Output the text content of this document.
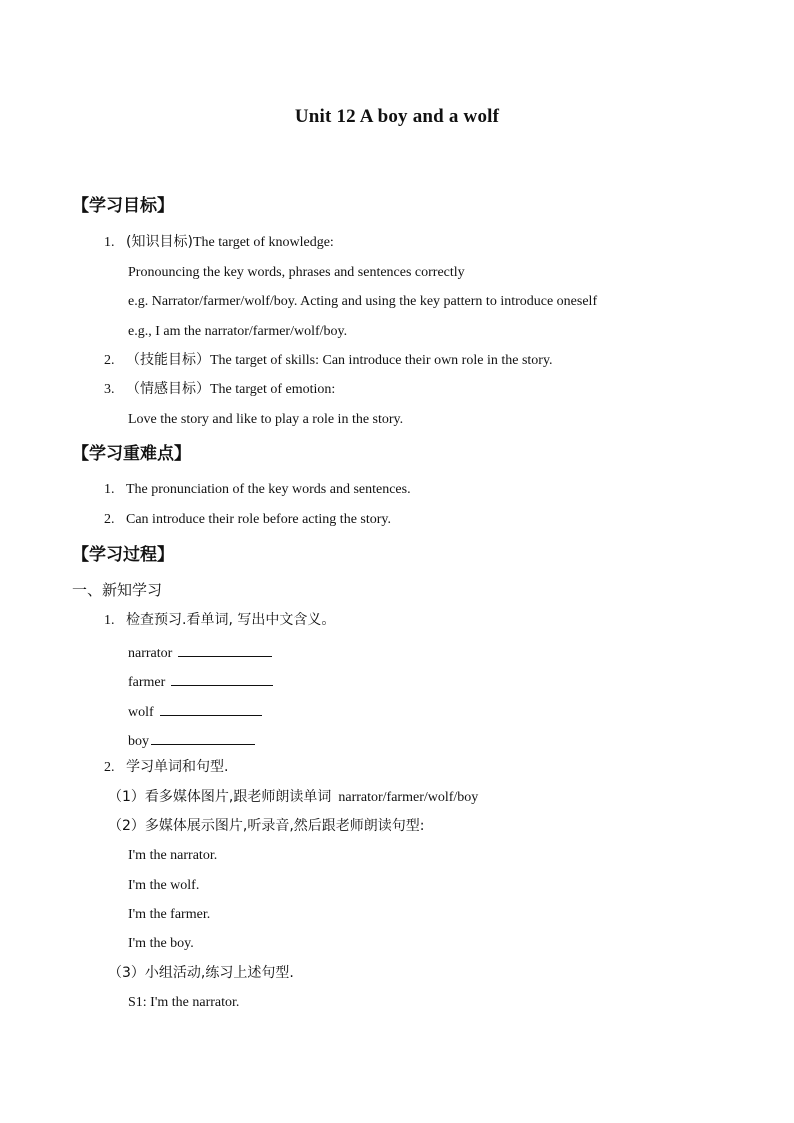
Unit 12 A boy and a wolf
【学习目标】
1. (知识目标)The target of knowledge:
Pronouncing the key words, phrases and sentences correctly
e.g. Narrator/farmer/wolf/boy. Acting and using the key pattern to introduce oneself
e.g., I am the narrator/farmer/wolf/boy.
2. （技能目标）The target of skills: Can introduce their own role in the story.
3. （情感目标）The target of emotion:
Love the story and like to play a role in the story.
【学习重难点】
1. The pronunciation of the key words and sentences.
2. Can introduce their role before acting the story.
【学习过程】
一、新知学习
1. 检查预习.看单词, 写出中文含义。
narrator
farmer
wolf
boy
2. 学习单词和句型.
（1）看多媒体图片,跟老师朗读单词 narrator/farmer/wolf/boy
（2）多媒体展示图片,听录音,然后跟老师朗读句型:
I'm the narrator.
I'm the wolf.
I'm the farmer.
I'm the boy.
（3）小组活动,练习上述句型.
S1: I'm the narrator.
